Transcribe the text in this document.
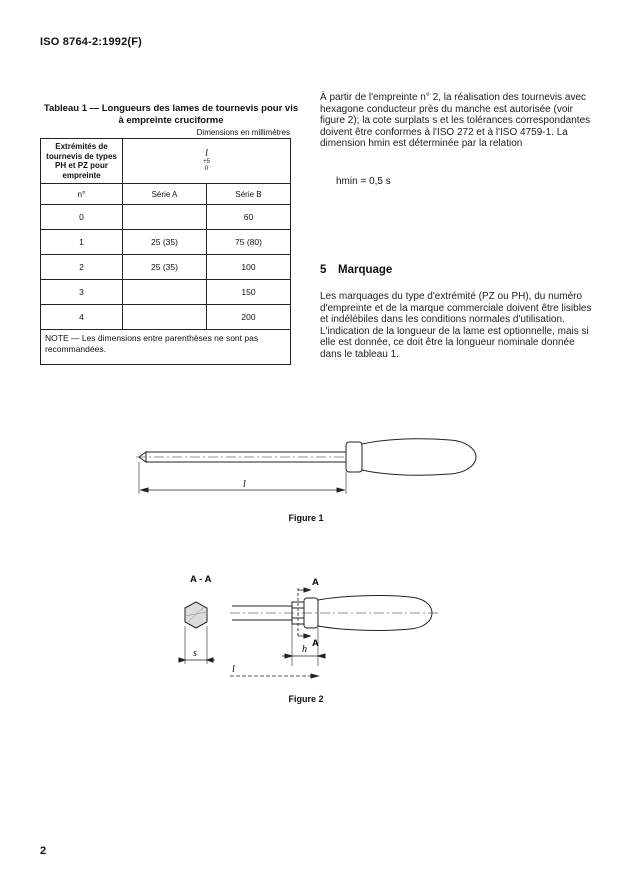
ISO 8764-2:1992(F)
Tableau 1 — Longueurs des lames de tournevis pour vis à empreinte cruciforme
Dimensions en millimètres
Extrémités de tournevis de types PH et PZ pour empreinte	l
+5
0	

n°	Série A	Série B
0		60
1	25 (35)	75 (80)
2	25 (35)	100
3		150
4		200
NOTE — Les dimensions entre parenthèses ne sont pas recommandées.		
À partir de l'empreinte n° 2, la réalisation des tournevis avec hexagone conducteur près du manche est autorisée (voir figure 2); la cote surplats s et les tolérances correspondantes doivent être conformes à l'ISO 272 et à l'ISO 4759-1. La dimension hmin est déterminée par la relation
hmin = 0,5 s
5 Marquage
Les marquages du type d'extrémité (PZ ou PH), du numéro d'empreinte et de la marque commerciale doivent être lisibles et indélébiles dans les conditions normales d'utilisation. L'indication de la longueur de la lame est optionnelle, mais si elle est donnée, ce doit être la longueur nominale donnée dans le tableau 1.
l
Figure 1
A - A	A
A
s	h
l
Figure 2
2
